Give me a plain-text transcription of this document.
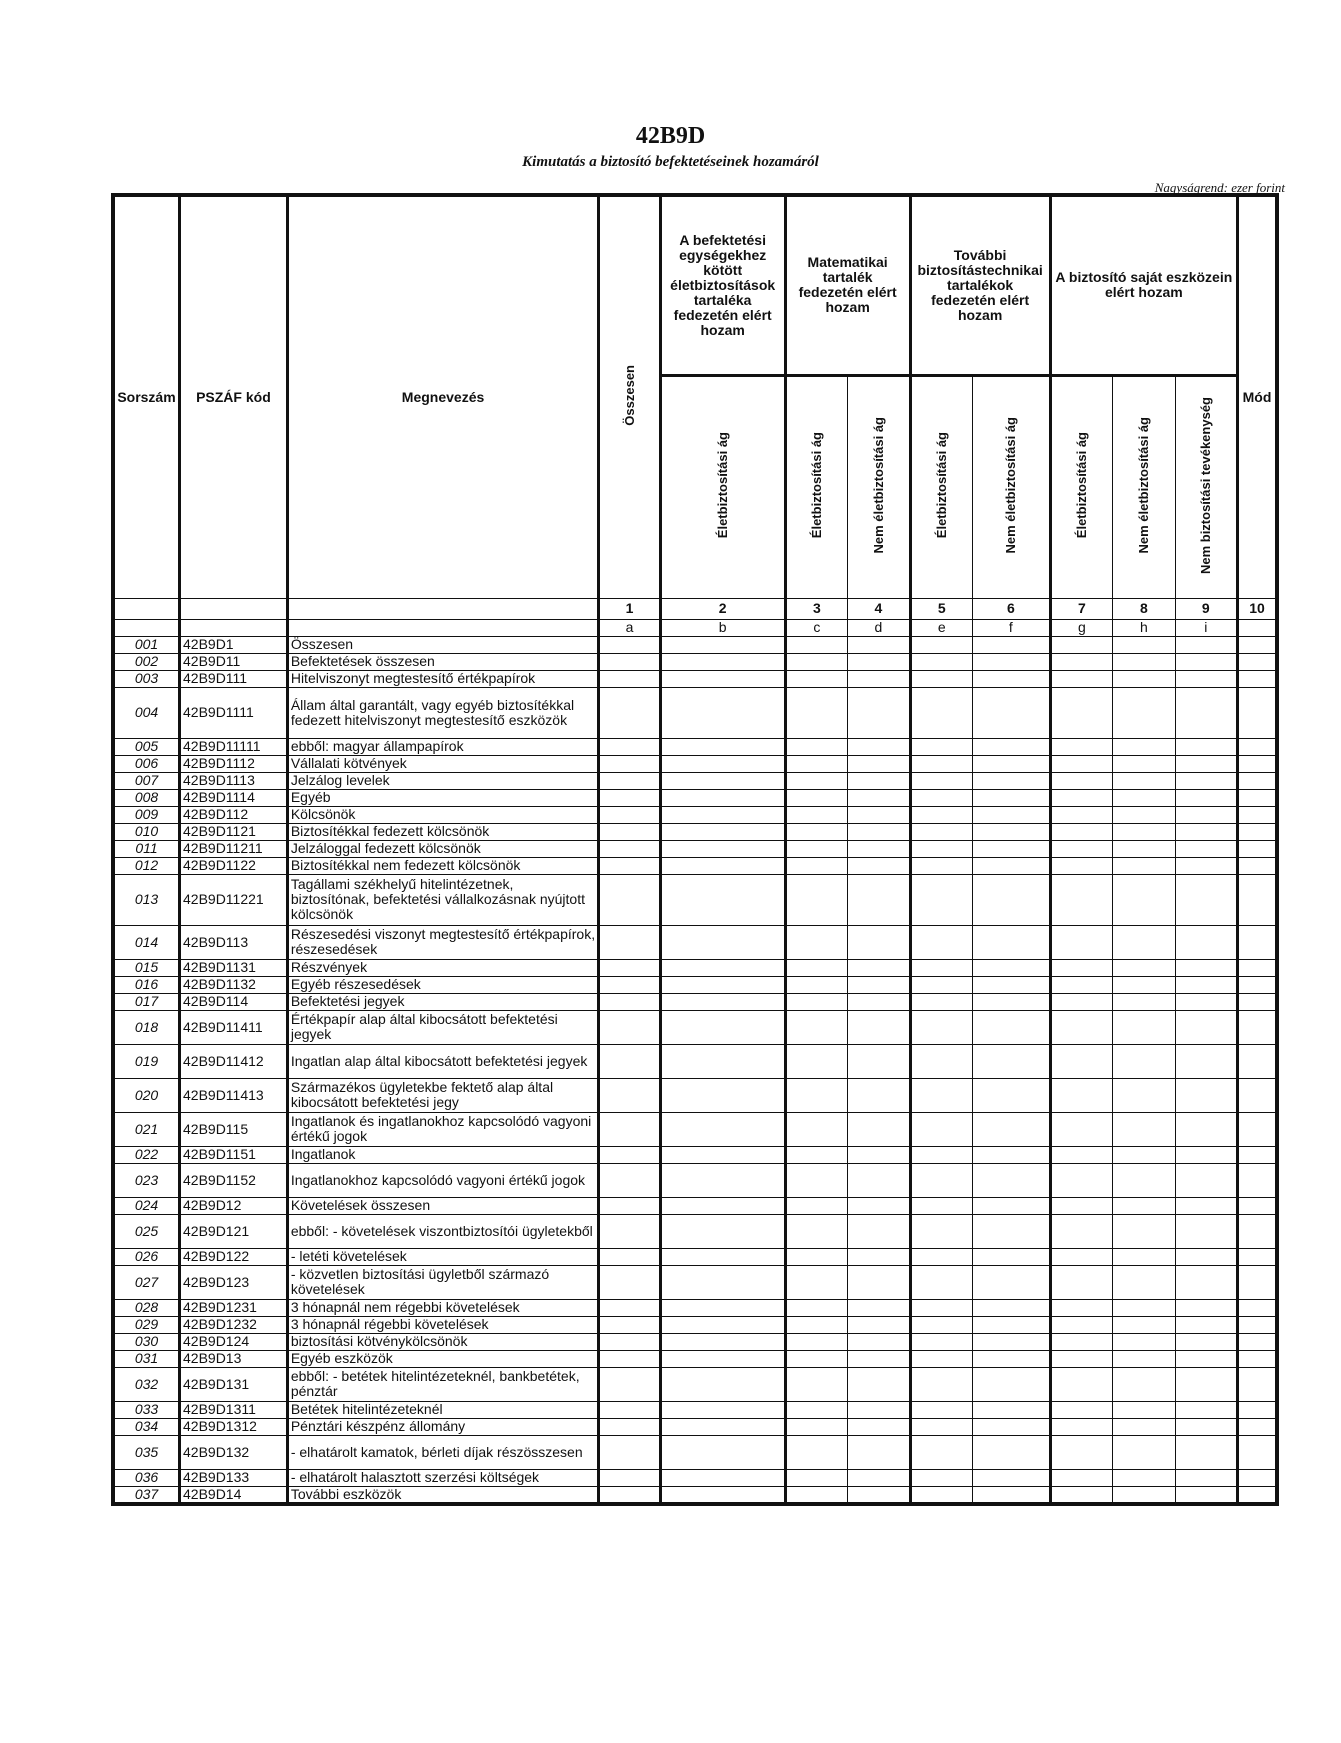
42B9D
Kimutatás a biztosító befektetéseinek hozamáról
Nagyságrend: ezer forint
Sorszám	PSZÁF kód	Megnevezés	Összesen	A befektetési egységekhez kötött életbiztosítások tartaléka fedezetén elért hozam	Matematikai tartalék fedezetén elért hozam		További biztosítástechnikai tartalékok fedezetén elért hozam		A biztosító saját eszközein elért hozam			Mód
				Életbiztosítási ág	Életbiztosítási ág	Nem életbiztosítási ág	Életbiztosítási ág	Nem életbiztosítási ág	Életbiztosítási ág	Nem életbiztosítási ág	Nem biztosítási tevékenység	
			1	2	3	4	5	6	7	8	9	10
			a	b	c	d	e	f	g	h	i	
001	42B9D1	Összesen										
002	42B9D11	Befektetések összesen										
003	42B9D111	Hitelviszonyt megtestesítő értékpapírok										
004	42B9D1111	Állam által garantált, vagy egyéb biztosítékkal fedezett hitelviszonyt megtestesítő eszközök										
005	42B9D11111	ebből: magyar állampapírok										
006	42B9D1112	Vállalati kötvények										
007	42B9D1113	Jelzálog levelek										
008	42B9D1114	Egyéb										
009	42B9D112	Kölcsönök										
010	42B9D1121	Biztosítékkal fedezett kölcsönök										
011	42B9D11211	Jelzáloggal fedezett kölcsönök										
012	42B9D1122	Biztosítékkal nem fedezett kölcsönök										
013	42B9D11221	Tagállami székhelyű hitelintézetnek, biztosítónak, befektetési vállalkozásnak nyújtott kölcsönök										
014	42B9D113	Részesedési viszonyt megtestesítő értékpapírok, részesedések										
015	42B9D1131	Részvények										
016	42B9D1132	Egyéb részesedések										
017	42B9D114	Befektetési jegyek										
018	42B9D11411	Értékpapír alap által kibocsátott befektetési jegyek										
019	42B9D11412	Ingatlan alap által kibocsátott befektetési jegyek										
020	42B9D11413	Származékos ügyletekbe fektető alap által kibocsátott befektetési jegy										
021	42B9D115	Ingatlanok és ingatlanokhoz kapcsolódó vagyoni értékű jogok										
022	42B9D1151	Ingatlanok										
023	42B9D1152	Ingatlanokhoz kapcsolódó vagyoni értékű jogok										
024	42B9D12	Követelések összesen										
025	42B9D121	ebből: - követelések viszontbiztosítói ügyletekből										
026	42B9D122	- letéti követelések										
027	42B9D123	- közvetlen biztosítási ügyletből származó követelések										
028	42B9D1231	3 hónapnál nem régebbi követelések										
029	42B9D1232	3 hónapnál régebbi követelések										
030	42B9D124	biztosítási kötvénykölcsönök										
031	42B9D13	Egyéb eszközök										
032	42B9D131	ebből: - betétek hitelintézeteknél, bankbetétek, pénztár										
033	42B9D1311	Betétek hitelintézeteknél										
034	42B9D1312	Pénztári készpénz állomány										
035	42B9D132	- elhatárolt kamatok, bérleti díjak részösszesen										
036	42B9D133	- elhatárolt halasztott szerzési költségek										
037	42B9D14	További eszközök										
